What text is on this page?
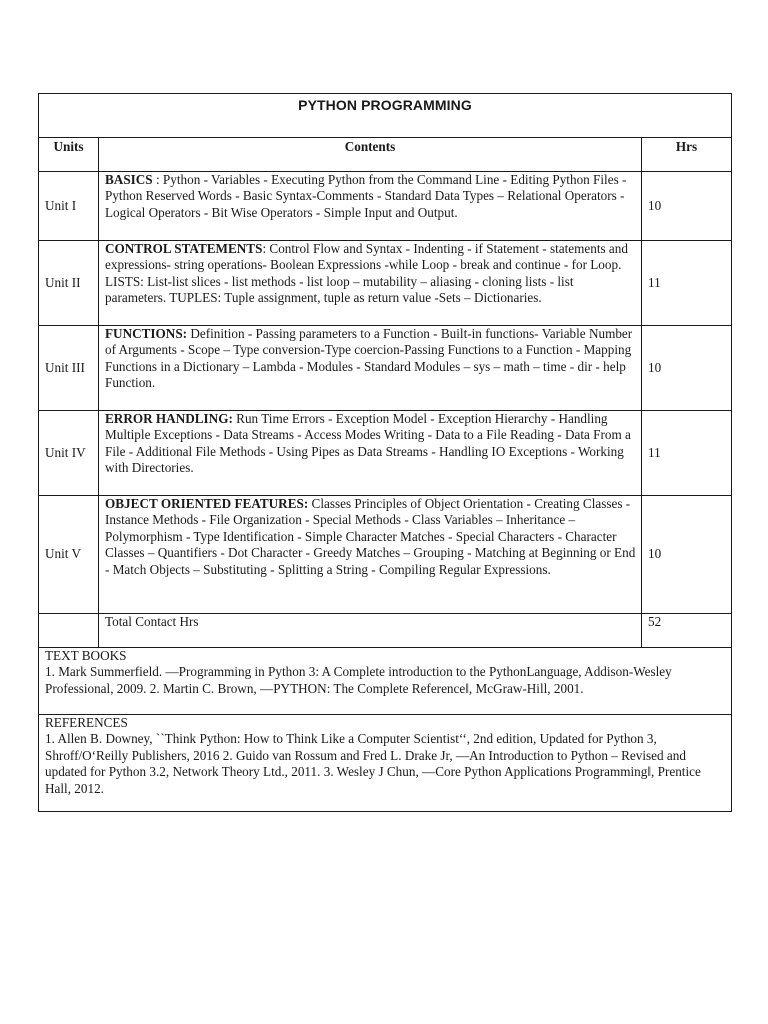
PYTHON PROGRAMMING		
Units	Contents	Hrs
Unit I	BASICS : Python - Variables - Executing Python from the Command Line - Editing Python Files - Python Reserved Words - Basic Syntax-Comments - Standard Data Types – Relational Operators - Logical Operators - Bit Wise Operators - Simple Input and Output.	10
Unit II	CONTROL STATEMENTS: Control Flow and Syntax - Indenting - if Statement - statements and expressions- string operations- Boolean Expressions -while Loop - break and continue - for Loop. LISTS: List-list slices - list methods - list loop – mutability – aliasing - cloning lists - list parameters. TUPLES: Tuple assignment, tuple as return value -Sets – Dictionaries.	11
Unit III	FUNCTIONS: Definition - Passing parameters to a Function - Built-in functions- Variable Number of Arguments - Scope – Type conversion-Type coercion-Passing Functions to a Function - Mapping Functions in a Dictionary – Lambda - Modules - Standard Modules – sys – math – time - dir - help Function.	10
Unit IV	ERROR HANDLING: Run Time Errors - Exception Model - Exception Hierarchy - Handling Multiple Exceptions - Data Streams - Access Modes Writing - Data to a File Reading - Data From a File - Additional File Methods - Using Pipes as Data Streams - Handling IO Exceptions - Working with Directories.	11
Unit V	OBJECT ORIENTED FEATURES: Classes Principles of Object Orientation - Creating Classes - Instance Methods - File Organization - Special Methods - Class Variables – Inheritance – Polymorphism - Type Identification - Simple Character Matches - Special Characters - Character Classes – Quantifiers - Dot Character - Greedy Matches – Grouping - Matching at Beginning or End - Match Objects – Substituting - Splitting a String - Compiling Regular Expressions.	10
	Total Contact Hrs	52

TEXT BOOKS
1. Mark Summerfield. ―Programming in Python 3: A Complete introduction to the PythonLanguage, Addison-Wesley Professional, 2009. 2. Martin C. Brown, ―PYTHON: The Complete Reference‖, McGraw-Hill, 2001.		

REFERENCES
1. Allen B. Downey, ``Think Python: How to Think Like a Computer Scientist‘‘, 2nd edition, Updated for Python 3, Shroff/O‘Reilly Publishers, 2016 2. Guido van Rossum and Fred L. Drake Jr, ―An Introduction to Python – Revised and updated for Python 3.2, Network Theory Ltd., 2011. 3. Wesley J Chun, ―Core Python Applications Programming‖, Prentice Hall, 2012.		
